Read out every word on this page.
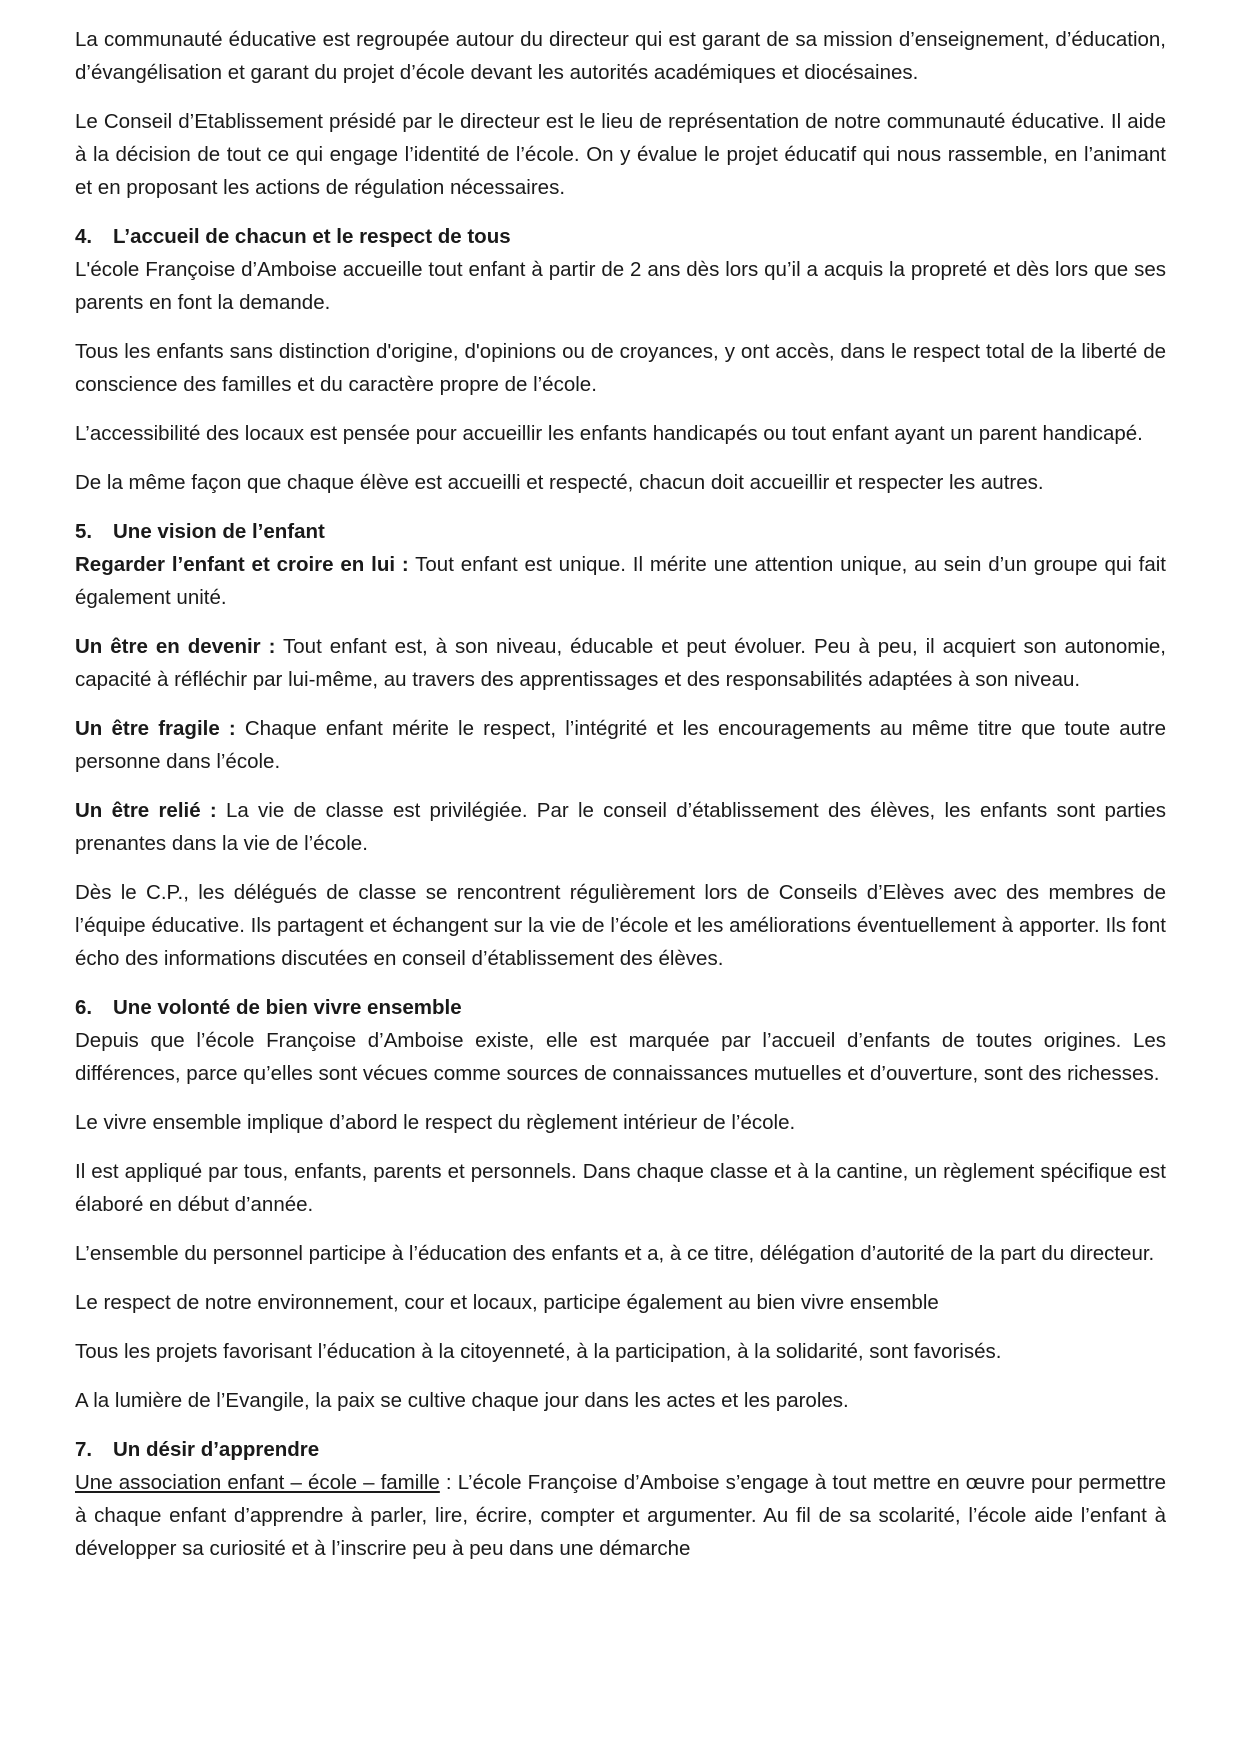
La communauté éducative est regroupée autour du directeur qui est garant de sa mission d’enseignement, d’éducation, d’évangélisation et garant du projet d’école devant les autorités académiques et diocésaines.

Le Conseil d’Etablissement présidé par le directeur est le lieu de représentation de notre communauté éducative. Il aide à la décision de tout ce qui engage l’identité de l’école. On y évalue le projet éducatif qui nous rassemble, en l’animant et en proposant les actions de régulation nécessaires.

4. L’accueil de chacun et le respect de tous

L'école Françoise d’Amboise accueille tout enfant à partir de 2 ans dès lors qu’il a acquis la propreté et dès lors que ses parents en font la demande.

Tous les enfants sans distinction d'origine, d'opinions ou de croyances, y ont accès, dans le respect total de la liberté de conscience des familles et du caractère propre de l’école.

L’accessibilité des locaux est pensée pour accueillir les enfants handicapés ou tout enfant ayant un parent handicapé.

De la même façon que chaque élève est accueilli et respecté, chacun doit accueillir et respecter les autres.

5. Une vision de l’enfant

Regarder l’enfant et croire en lui : Tout enfant est unique. Il mérite une attention unique, au sein d’un groupe qui fait également unité.

Un être en devenir : Tout enfant est, à son niveau, éducable et peut évoluer. Peu à peu, il acquiert son autonomie, capacité à réfléchir par lui-même, au travers des apprentissages et des responsabilités adaptées à son niveau.

Un être fragile : Chaque enfant mérite le respect, l’intégrité et les encouragements au même titre que toute autre personne dans l’école.

Un être relié : La vie de classe est privilégiée. Par le conseil d’établissement des élèves, les enfants sont parties prenantes dans la vie de l’école.

Dès le C.P., les délégués de classe se rencontrent régulièrement lors de Conseils d’Elèves avec des membres de l’équipe éducative. Ils partagent et échangent sur la vie de l’école et les améliorations éventuellement à apporter. Ils font écho des informations discutées en conseil d’établissement des élèves.

6. Une volonté de bien vivre ensemble

Depuis que l’école Françoise d’Amboise existe, elle est marquée par l’accueil d’enfants de toutes origines. Les différences, parce qu’elles sont vécues comme sources de connaissances mutuelles et d’ouverture, sont des richesses.

Le vivre ensemble implique d’abord le respect du règlement intérieur de l’école.

Il est appliqué par tous, enfants, parents et personnels. Dans chaque classe et à la cantine, un règlement spécifique est élaboré en début d’année.

L’ensemble du personnel participe à l’éducation des enfants et a, à ce titre, délégation d’autorité de la part du directeur.

Le respect de notre environnement, cour et locaux, participe également au bien vivre ensemble

Tous les projets favorisant l’éducation à la citoyenneté, à la participation, à la solidarité, sont favorisés.

A la lumière de l’Evangile, la paix se cultive chaque jour dans les actes et les paroles.

7. Un désir d’apprendre

Une association enfant – école – famille : L’école Françoise d’Amboise s’engage à tout mettre en œuvre pour permettre à chaque enfant d’apprendre à parler, lire, écrire, compter et argumenter. Au fil de sa scolarité, l’école aide l’enfant à développer sa curiosité et à l’inscrire peu à peu dans une démarche
